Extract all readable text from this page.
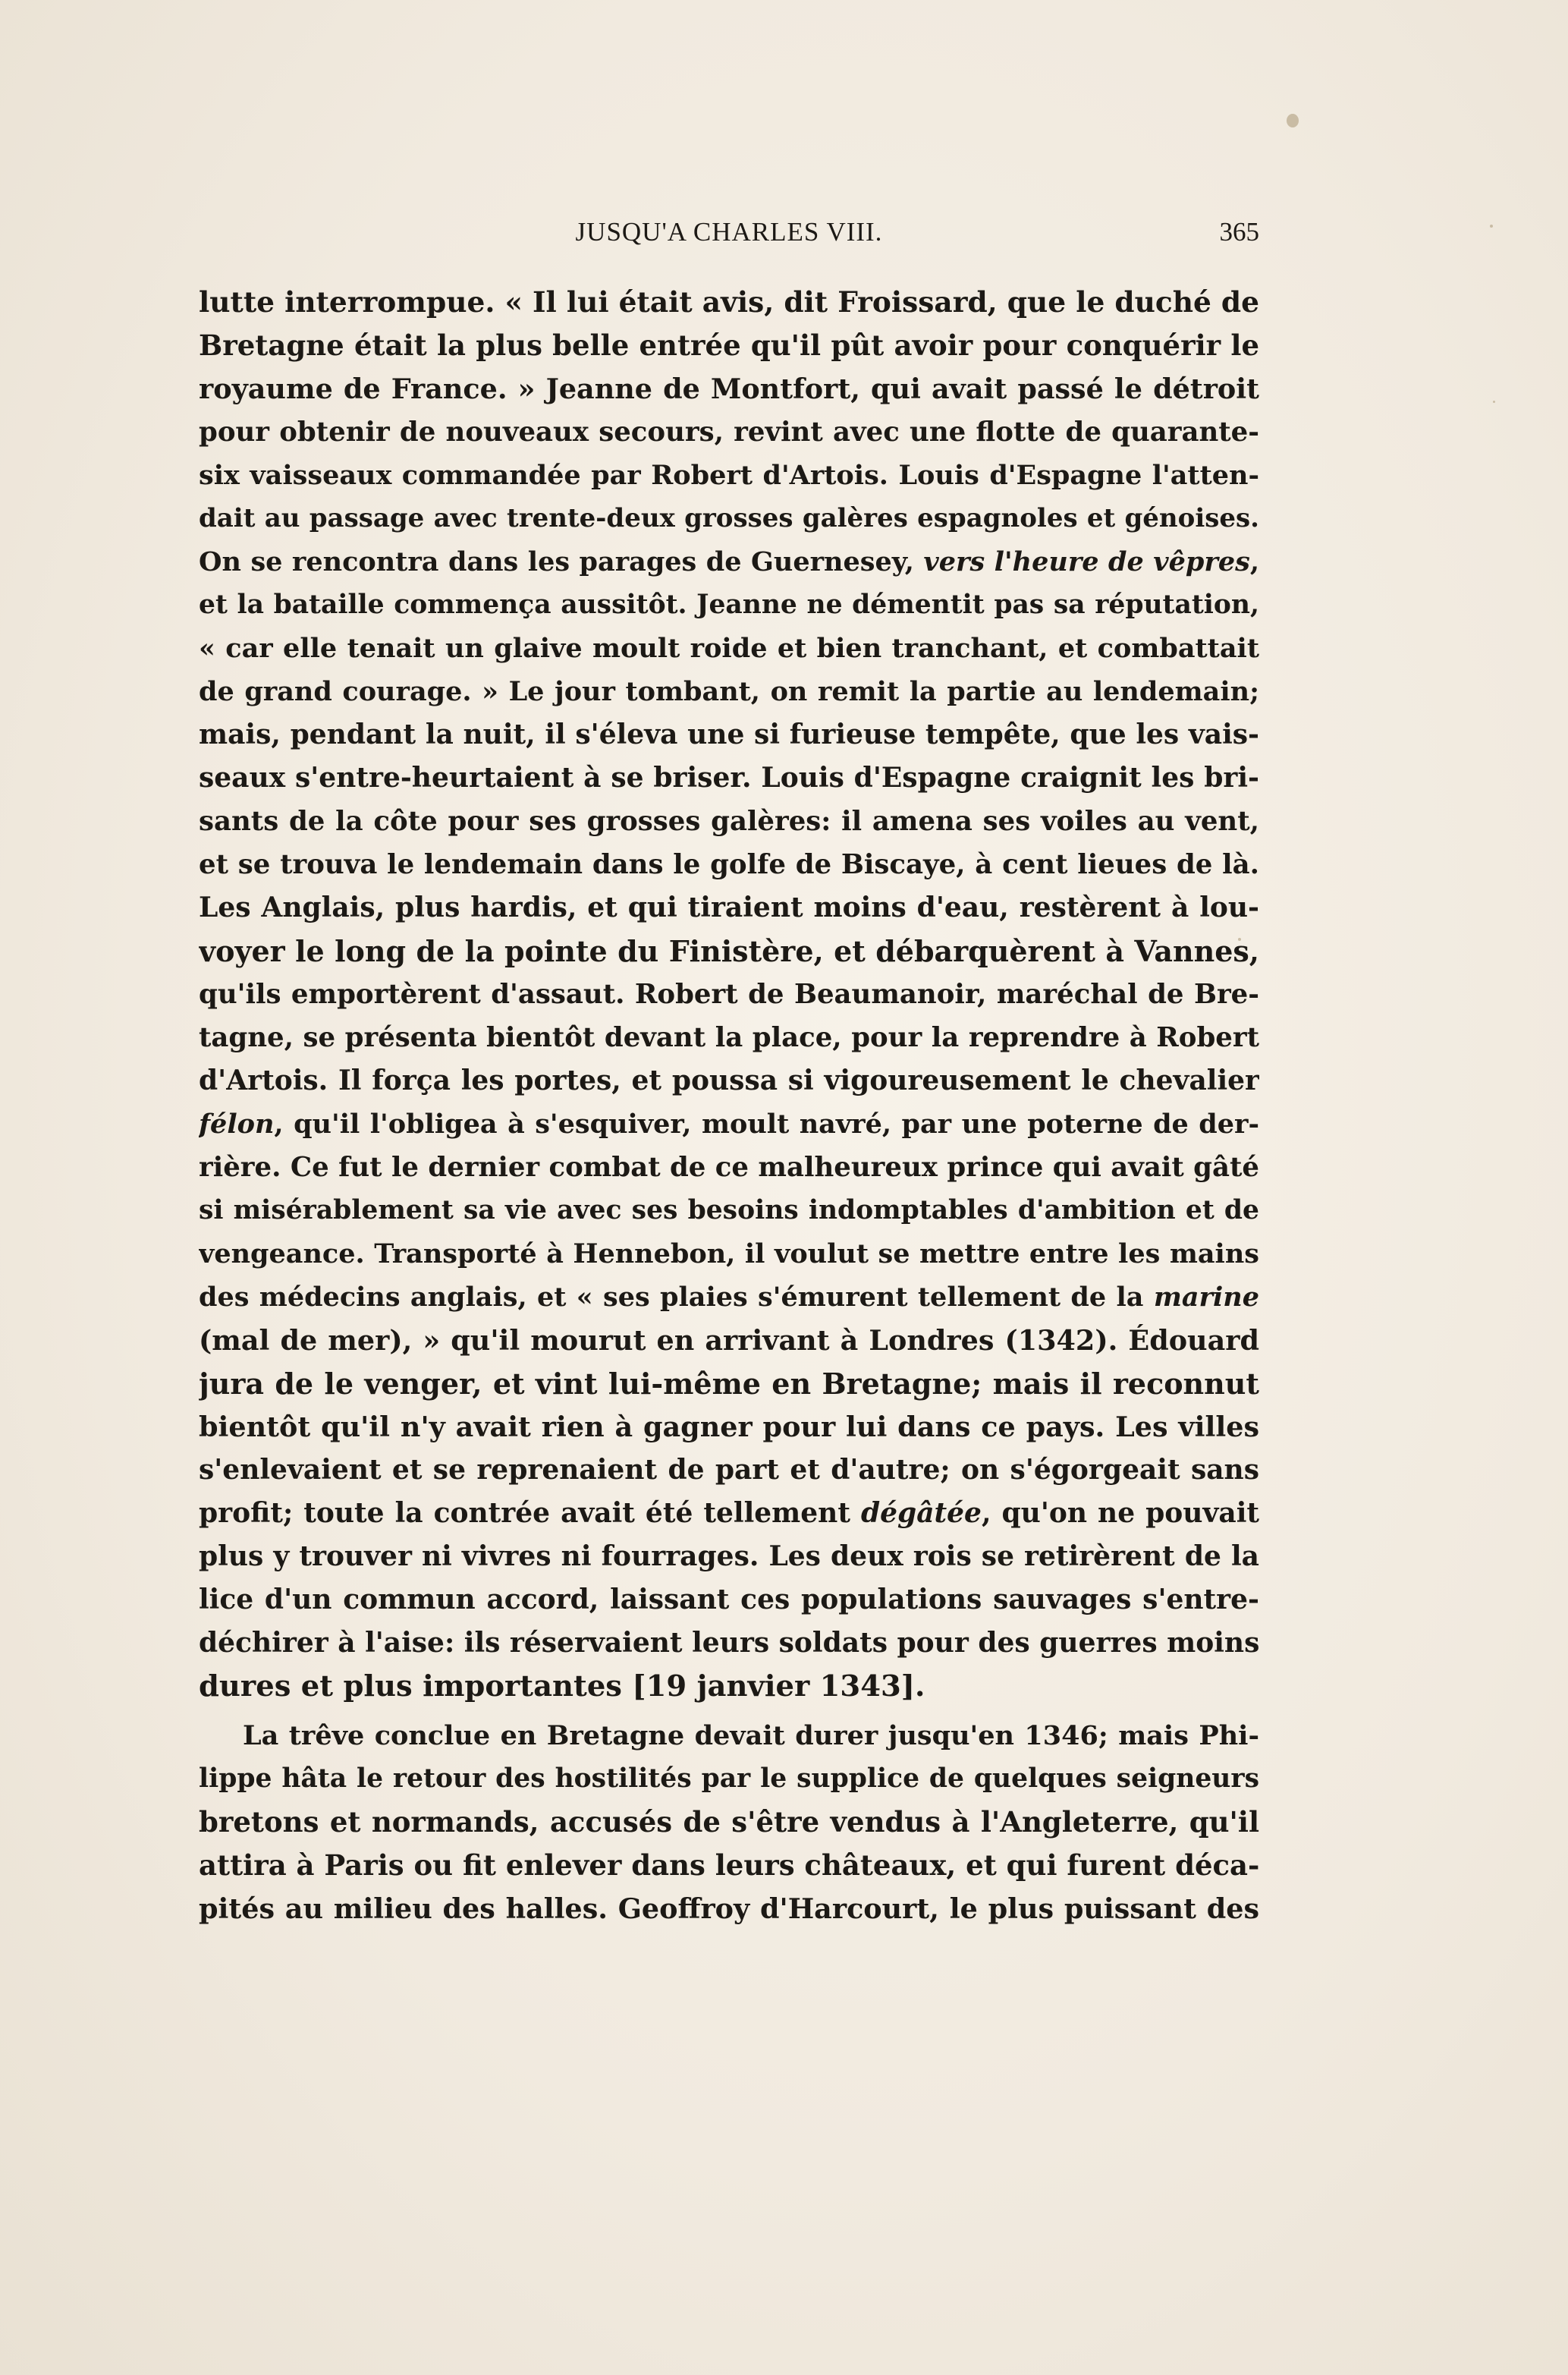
JUSQU'A CHARLES VIII.	365
lutte interrompue. « Il lui était avis, dit Froissard, que le duché de
Bretagne était la plus belle entrée qu'il pût avoir pour conquérir le
royaume de France. » Jeanne de Montfort, qui avait passé le détroit
pour obtenir de nouveaux secours, revint avec une flotte de quarante-
six vaisseaux commandée par Robert d'Artois. Louis d'Espagne l'atten-
dait au passage avec trente-deux grosses galères espagnoles et génoises.
On se rencontra dans les parages de Guernesey, vers l'heure de vêpres,
et la bataille commença aussitôt. Jeanne ne démentit pas sa réputation,
« car elle tenait un glaive moult roide et bien tranchant, et combattait
de grand courage. » Le jour tombant, on remit la partie au lendemain;
mais, pendant la nuit, il s'éleva une si furieuse tempête, que les vais-
seaux s'entre-heurtaient à se briser. Louis d'Espagne craignit les bri-
sants de la côte pour ses grosses galères: il amena ses voiles au vent,
et se trouva le lendemain dans le golfe de Biscaye, à cent lieues de là.
Les Anglais, plus hardis, et qui tiraient moins d'eau, restèrent à lou-
voyer le long de la pointe du Finistère, et débarquèrent à Vannes,
qu'ils emportèrent d'assaut. Robert de Beaumanoir, maréchal de Bre-
tagne, se présenta bientôt devant la place, pour la reprendre à Robert
d'Artois. Il força les portes, et poussa si vigoureusement le chevalier
félon, qu'il l'obligea à s'esquiver, moult navré, par une poterne de der-
rière. Ce fut le dernier combat de ce malheureux prince qui avait gâté
si misérablement sa vie avec ses besoins indomptables d'ambition et de
vengeance. Transporté à Hennebon, il voulut se mettre entre les mains
des médecins anglais, et « ses plaies s'émurent tellement de la marine
(mal de mer), » qu'il mourut en arrivant à Londres (1342). Édouard
jura de le venger, et vint lui-même en Bretagne; mais il reconnut
bientôt qu'il n'y avait rien à gagner pour lui dans ce pays. Les villes
s'enlevaient et se reprenaient de part et d'autre; on s'égorgeait sans
profit; toute la contrée avait été tellement dégâtée, qu'on ne pouvait
plus y trouver ni vivres ni fourrages. Les deux rois se retirèrent de la
lice d'un commun accord, laissant ces populations sauvages s'entre-
déchirer à l'aise: ils réservaient leurs soldats pour des guerres moins
dures et plus importantes [19 janvier 1343].
La trêve conclue en Bretagne devait durer jusqu'en 1346; mais Phi-
lippe hâta le retour des hostilités par le supplice de quelques seigneurs
bretons et normands, accusés de s'être vendus à l'Angleterre, qu'il
attira à Paris ou fit enlever dans leurs châteaux, et qui furent déca-
pités au milieu des halles. Geoffroy d'Harcourt, le plus puissant des
